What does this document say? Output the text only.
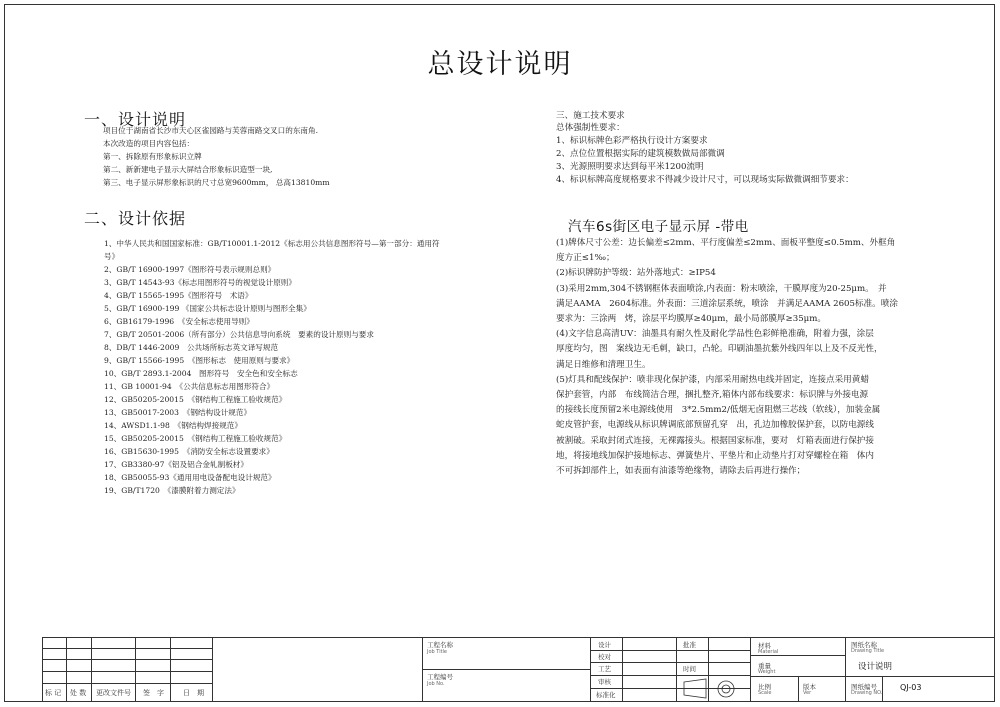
总设计说明
一、设计说明
项目位于湖南省长沙市天心区雀园路与芙蓉南路交叉口的东南角.
本次改造的项目内容包括：
第一、拆除原有形象标识立牌
第二、新新建电子显示大屏结合形象标识造型一块,
第三、电子显示屏形象标识的尺寸总宽9600mm， 总高13810mm
二、设计依据
1、中华人民共和国国家标准：GB/T10001.1-2012《标志用公共信息图形符号—第一部分：通用符
号》
2、GB/T 16900-1997《图形符号表示规则总则》
3、GB/T 14543-93《标志用图形符号的视觉设计原则》
4、GB/T 15565-1995《图形符号　术语》
5、GB/T 16900-199 《国家公共标志设计原则与图形全集》
6、GB16179-1996　《安全标志使用导则》
7、GB/T 20501-2006（所有部分）公共信息导向系统　要素的设计原则与要求
8、DB/T 1446-2009　公共场所标志英文译写规范
9、GB/T 15566-1995　《图形标志　使用原则与要求》
10、GB/T 2893.1-2004　图形符号　安全色和安全标志
11、GB 10001-94　《公共信息标志用图形符合》
12、GB50205-20015　《钢结构工程施工验收规范》
13、GB50017-2003　《钢结构设计规范》
14、AWSD1.1-98　《钢结构焊接规范》
15、GB50205-20015　《钢结构工程施工验收规范》
16、GB15630-1995　《消防安全标志设置要求》
17、GB3380-97《铝及铝合金轧制板材》
18、GB50055-93《通用用电设备配电设计规范》
19、GB/T1720　《漆膜附着力测定法》
三、施工技术要求
总体强制性要求：
1、标识标牌色彩严格执行设计方案要求
2、点位位置根据实际的建筑模数做局部微调
3、光源照明要求达到每平米1200流明
4、标识标牌高度规格要求不得减少设计尺寸，可以现场实际做微调细节要求：
汽车6s街区电子显示屏 -带电
(1)牌体尺寸公差：边长偏差≤2mm、平行度偏差≤2mm、面板平整度≤0.5mm、外框角
度方正≤1‰；
(2)标识牌防护等级：站外落地式：≥IP54
(3)采用2mm,304不锈钢框体表面喷涂,内表面：粉末喷涂，干膜厚度为20-25μm。　并
满足AAMA　2604标准。外表面：三道涂层系统，喷涂　并满足AAMA 2605标准。喷涂
要求为：三涂两　烤，涂层平均膜厚≥40μm，最小局部膜厚≥35μm。
(4)文字信息高清UV：油墨具有耐久性及耐化学品性色彩鲜艳准确，附着力强，涂层
厚度均匀，图　案线边无毛刺，缺口，凸轮。印刷油墨抗紫外线四年以上及不反光性，
满足日维修和清理卫生。
(5)灯具和配线保护：喷非现化保护漆，内部采用耐热电线并固定，连接点采用黄蜡
保护套管，内部　布线简洁合理，捆扎整齐,箱体内部布线要求：标识牌与外接电源
的接线长度预留2米电源线使用　3*2.5mm2/低烟无卤阻燃三芯线（软线），加装金属
蛇皮管护套，电源线从标识牌调底部预留孔穿　出，孔边加橡胶保护套，以防电源线
被割破。采取封闭式连接，无裸露接头。根据国家标准，要对　灯箱表面进行保护接
地，将接地线加保护接地标志、弹簧垫片、平垫片和止动垫片打对穿螺栓在箱　体内
不可拆卸部件上，如表面有油漆等绝缘物，请除去后再进行操作；
标 记 处 数 更改文件号 签　字	日　期
工程名称
Job Title
工程编号
Job No.
设计
校对
工艺
审核
标准化
批准
时间
材料
Material
重量
Weight
比例
Scale
版本
Ver
图纸名称
Drawing Title
设计说明
图纸编号
Drawing NO.
QJ-03
